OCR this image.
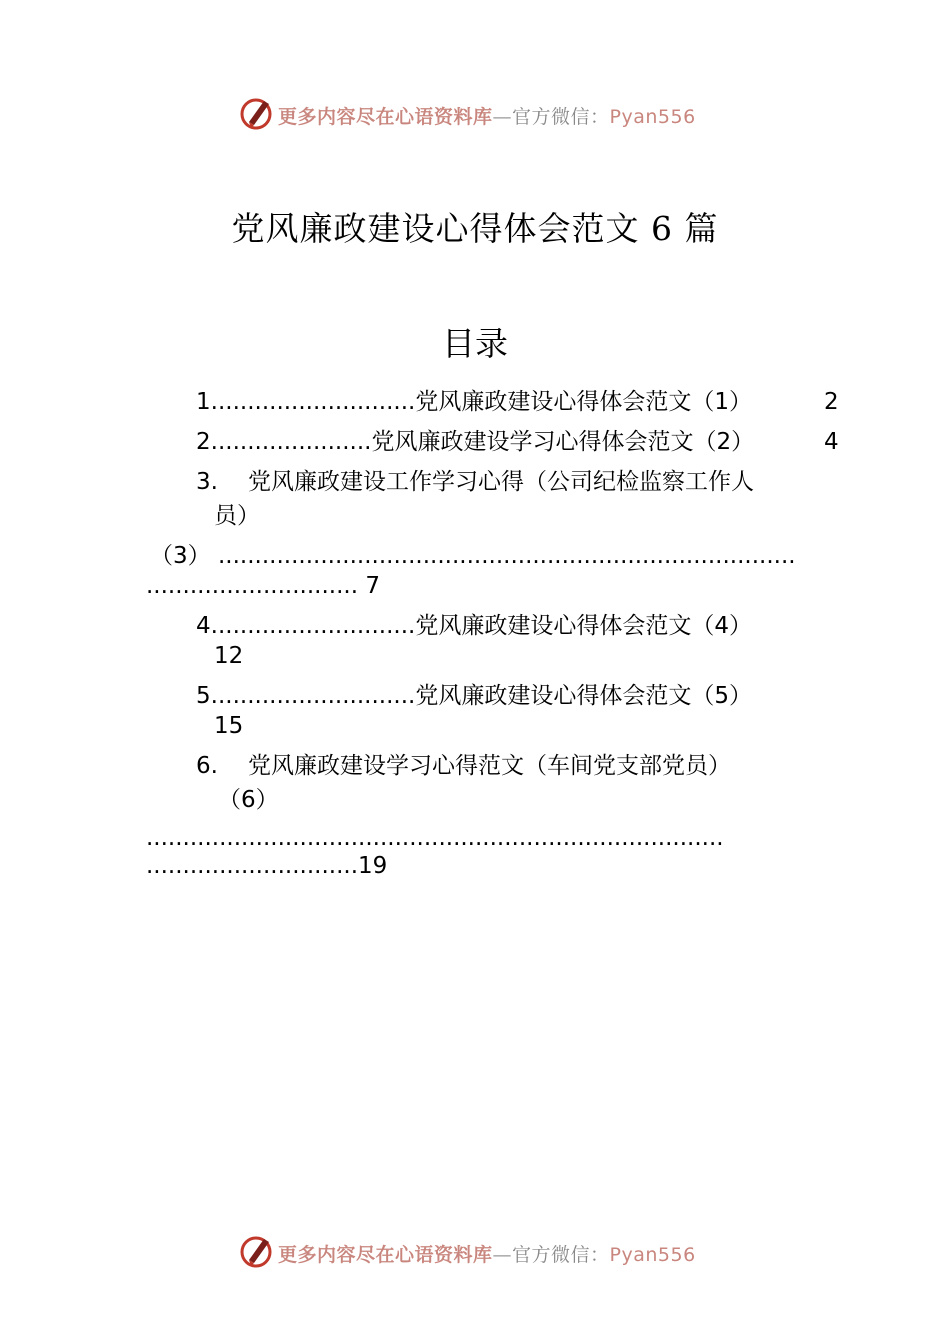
更多内容尽在心语资料库—官方微信：Pyan556
党风廉政建设心得体会范文 6 篇
目录
1............................党风廉政建设心得体会范文（1）	2
2......................党风廉政建设学习心得体会范文（2）	4
3. 党风廉政建设工作学习心得（公司纪检监察工作人
员）
（3） ...............................................................................
............................. 7
4............................党风廉政建设心得体会范文（4）
12
5............................党风廉政建设心得体会范文（5）
15
6. 党风廉政建设学习心得范文（车间党支部党员）
（6）
...............................................................................
.............................19
更多内容尽在心语资料库—官方微信：Pyan556
